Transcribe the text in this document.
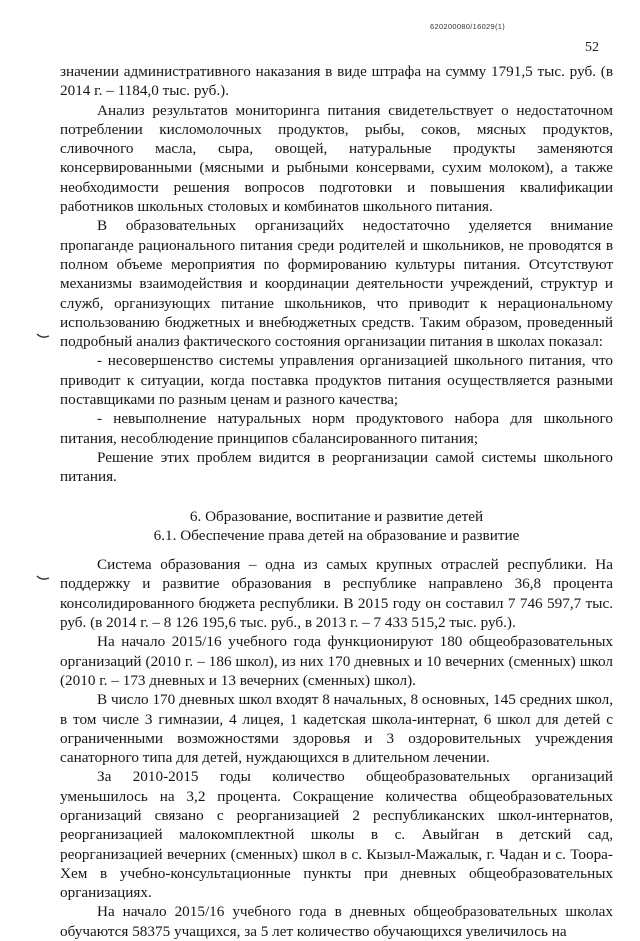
620200080/16029(1)
52

значении административного наказания в виде штрафа на сумму 1791,5 тыс. руб. (в 2014 г. – 1184,0 тыс. руб.).

Анализ результатов мониторинга питания свидетельствует о недостаточном потреблении кисломолочных продуктов, рыбы, соков, мясных продуктов, сливочного масла, сыра, овощей, натуральные продукты заменяются консервированными (мясными и рыбными консервами, сухим молоком), а также необходимости решения вопросов подготовки и повышения квалификации работников школьных столовых и комбинатов школьного питания.

В образовательных организацийх недостаточно уделяется внимание пропаганде рационального питания среди родителей и школьников, не проводятся в полном объеме мероприятия по формированию культуры питания. Отсутствуют механизмы взаимодействия и координации деятельности учреждений, структур и служб, организующих питание школьников, что приводит к нерациональному использованию бюджетных и внебюджетных средств. Таким образом, проведенный подробный анализ фактического состояния организации питания в школах показал:

- несовершенство системы управления организацией школьного питания, что приводит к ситуации, когда поставка продуктов питания осуществляется разными поставщиками по разным ценам и разного качества;

- невыполнение натуральных норм продуктового набора для школьного питания, несоблюдение принципов сбалансированного питания;

Решение этих проблем видится в реорганизации самой системы школьного питания.

6. Образование, воспитание и развитие детей
6.1. Обеспечение права детей на образование и развитие

Система образования – одна из самых крупных отраслей республики. На поддержку и развитие образования в республике направлено 36,8 процента консолидированного бюджета республики. В 2015 году он составил 7 746 597,7 тыс. руб. (в 2014 г. – 8 126 195,6 тыс. руб., в 2013 г. – 7 433 515,2 тыс. руб.).

На начало 2015/16 учебного года функционируют 180 общеобразовательных организаций (2010 г. – 186 школ), из них 170 дневных и 10 вечерних (сменных) школ (2010 г. – 173 дневных и 13 вечерних (сменных) школ).

В число 170 дневных школ входят 8 начальных, 8 основных, 145 средних школ, в том числе 3 гимназии, 4 лицея, 1 кадетская школа-интернат, 6 школ для детей с ограниченными возможностями здоровья и 3 оздоровительных учреждения санаторного типа для детей, нуждающихся в длительном лечении.

За 2010-2015 годы количество общеобразовательных организаций уменьшилось на 3,2 процента. Сокращение количества общеобразовательных организаций связано с реорганизацией 2 республиканских школ-интернатов, реорганизацией малокомплектной школы в с. Авыйган в детский сад, реорганизацией вечерних (сменных) школ в с. Кызыл-Мажалык, г. Чадан и с. Тоора-Хем в учебно-консультационные пункты при дневных общеобразовательных организациях.

На начало 2015/16 учебного года в дневных общеобразовательных школах обучаются 58375 учащихся, за 5 лет количество обучающихся увеличилось на
